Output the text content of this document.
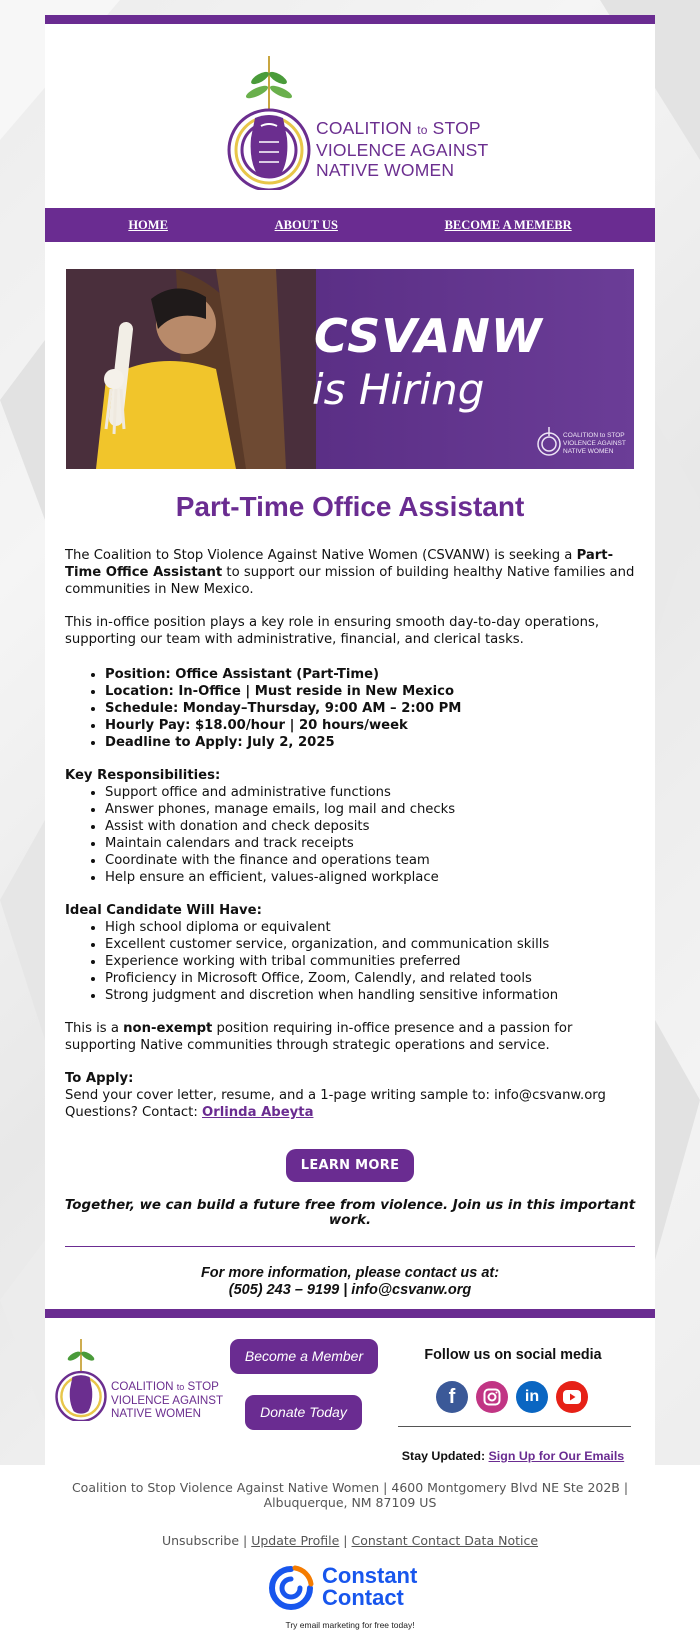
COALITION to STOP
VIOLENCE AGAINST
NATIVE WOMEN
HOME	ABOUT US	BECOME A MEMEBR
CSVANW
is Hiring
COALITION to STOP
VIOLENCE AGAINST
NATIVE WOMEN
Part-Time Office Assistant

The Coalition to Stop Violence Against Native Women (CSVANW) is seeking a Part-Time Office Assistant to support our mission of building healthy Native families and communities in New Mexico.

This in-office position plays a key role in ensuring smooth day-to-day operations, supporting our team with administrative, financial, and clerical tasks.

• Position: Office Assistant (Part-Time)
• Location: In-Office | Must reside in New Mexico
• Schedule: Monday–Thursday, 9:00 AM – 2:00 PM
• Hourly Pay: $18.00/hour | 20 hours/week
• Deadline to Apply: July 2, 2025

Key Responsibilities:

• Support office and administrative functions
• Answer phones, manage emails, log mail and checks
• Assist with donation and check deposits
• Maintain calendars and track receipts
• Coordinate with the finance and operations team
• Help ensure an efficient, values-aligned workplace

Ideal Candidate Will Have:

• High school diploma or equivalent
• Excellent customer service, organization, and communication skills
• Experience working with tribal communities preferred
• Proficiency in Microsoft Office, Zoom, Calendly, and related tools
• Strong judgment and discretion when handling sensitive information

This is a non-exempt position requiring in-office presence and a passion for supporting Native communities through strategic operations and service.

To Apply:

Send your cover letter, resume, and a 1-page writing sample to: info@csvanw.org

Questions? Contact: Orlinda Abeyta

LEARN MORE
Together, we can build a future free from violence. Join us in this important work.
For more information, please contact us at:
(505) 243 – 9199 | info@csvanw.org
COALITION to STOP
VIOLENCE AGAINST
NATIVE WOMEN
Become a Member
Donate Today
Follow us on social media
f	in
Stay Updated: Sign Up for Our Emails
Coalition to Stop Violence Against Native Women | 4600 Montgomery Blvd NE Ste 202B |
Albuquerque, NM 87109 US
Unsubscribe | Update Profile | Constant Contact Data Notice
Constant
Contact
Try email marketing for free today!
